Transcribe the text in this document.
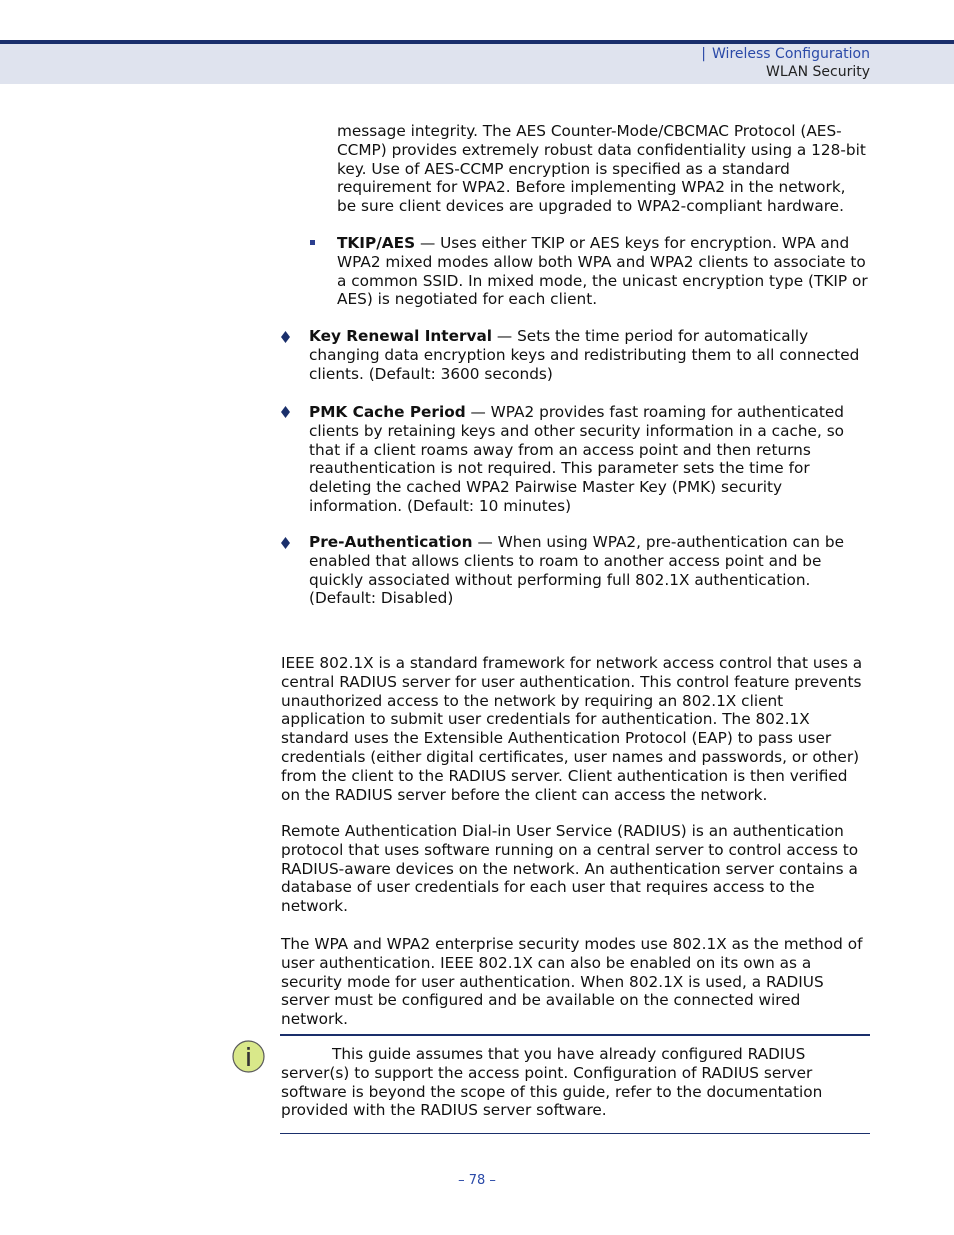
| Wireless Configuration
WLAN Security
message integrity. The AES Counter-Mode/CBCMAC Protocol (AES-CCMP) provides extremely robust data confidentiality using a 128-bit key. Use of AES-CCMP encryption is specified as a standard requirement for WPA2. Before implementing WPA2 in the network, be sure client devices are upgraded to WPA2-compliant hardware.
TKIP/AES — Uses either TKIP or AES keys for encryption. WPA and WPA2 mixed modes allow both WPA and WPA2 clients to associate to a common SSID. In mixed mode, the unicast encryption type (TKIP or AES) is negotiated for each client.
Key Renewal Interval — Sets the time period for automatically changing data encryption keys and redistributing them to all connected clients. (Default: 3600 seconds)
PMK Cache Period — WPA2 provides fast roaming for authenticated clients by retaining keys and other security information in a cache, so that if a client roams away from an access point and then returns reauthentication is not required. This parameter sets the time for deleting the cached WPA2 Pairwise Master Key (PMK) security information. (Default: 10 minutes)
Pre-Authentication — When using WPA2, pre-authentication can be enabled that allows clients to roam to another access point and be quickly associated without performing full 802.1X authentication. (Default: Disabled)
IEEE 802.1X is a standard framework for network access control that uses a central RADIUS server for user authentication. This control feature prevents unauthorized access to the network by requiring an 802.1X client application to submit user credentials for authentication. The 802.1X standard uses the Extensible Authentication Protocol (EAP) to pass user credentials (either digital certificates, user names and passwords, or other) from the client to the RADIUS server. Client authentication is then verified on the RADIUS server before the client can access the network.
Remote Authentication Dial-in User Service (RADIUS) is an authentication protocol that uses software running on a central server to control access to RADIUS-aware devices on the network. An authentication server contains a database of user credentials for each user that requires access to the network.
The WPA and WPA2 enterprise security modes use 802.1X as the method of user authentication. IEEE 802.1X can also be enabled on its own as a security mode for user authentication. When 802.1X is used, a RADIUS server must be configured and be available on the connected wired network.
This guide assumes that you have already configured RADIUS server(s) to support the access point. Configuration of RADIUS server software is beyond the scope of this guide, refer to the documentation provided with the RADIUS server software.
– 78 –
